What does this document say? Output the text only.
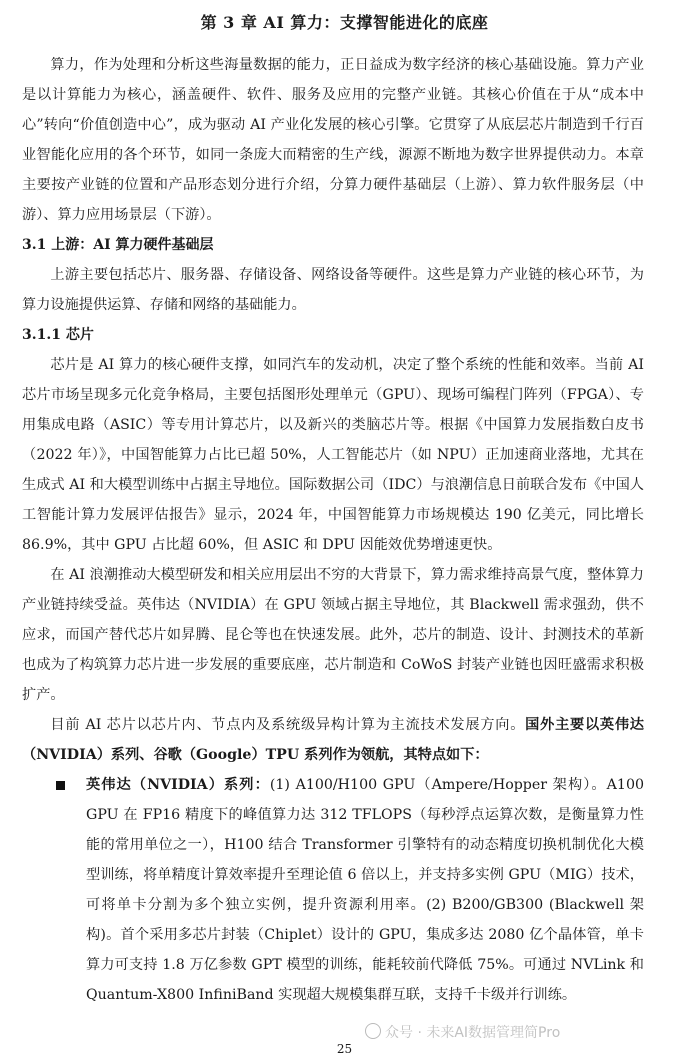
第 3 章 AI 算力：支撑智能进化的底座

算力，作为处理和分析这些海量数据的能力，正日益成为数字经济的核心基础设施。算力产业是以计算能力为核心，涵盖硬件、软件、服务及应用的完整产业链。其核心价值在于从“成本中心”转向“价值创造中心”，成为驱动 AI 产业化发展的核心引擎。它贯穿了从底层芯片制造到千行百业智能化应用的各个环节，如同一条庞大而精密的生产线，源源不断地为数字世界提供动力。本章主要按产业链的位置和产品形态划分进行介绍，分算力硬件基础层（上游）、算力软件服务层（中游）、算力应用场景层（下游）。

3.1 上游：AI 算力硬件基础层

上游主要包括芯片、服务器、存储设备、网络设备等硬件。这些是算力产业链的核心环节，为算力设施提供运算、存储和网络的基础能力。

3.1.1 芯片

芯片是 AI 算力的核心硬件支撑，如同汽车的发动机，决定了整个系统的性能和效率。当前 AI 芯片市场呈现多元化竞争格局，主要包括图形处理单元（GPU）、现场可编程门阵列（FPGA）、专用集成电路（ASIC）等专用计算芯片，以及新兴的类脑芯片等。根据《中国算力发展指数白皮书（2022 年）》，中国智能算力占比已超 50%，人工智能芯片（如 NPU）正加速商业落地，尤其在生成式 AI 和大模型训练中占据主导地位。国际数据公司（IDC）与浪潮信息日前联合发布《中国人工智能计算力发展评估报告》显示，2024 年，中国智能算力市场规模达 190 亿美元，同比增长 86.9%，其中 GPU 占比超 60%，但 ASIC 和 DPU 因能效优势增速更快。

在 AI 浪潮推动大模型研发和相关应用层出不穷的大背景下，算力需求维持高景气度，整体算力产业链持续受益。英伟达（NVIDIA）在 GPU 领域占据主导地位，其 Blackwell 需求强劲，供不应求，而国产替代芯片如昇腾、昆仑等也在快速发展。此外，芯片的制造、设计、封测技术的革新也成为了构筑算力芯片进一步发展的重要底座，芯片制造和 CoWoS 封装产业链也因旺盛需求积极扩产。

目前 AI 芯片以芯片内、节点内及系统级异构计算为主流技术发展方向。国外主要以英伟达（NVIDIA）系列、谷歌（Google）TPU 系列作为领航，其特点如下：

英伟达（NVIDIA）系列：(1) A100/H100 GPU（Ampere/Hopper 架构）。A100 GPU 在 FP16 精度下的峰值算力达 312 TFLOPS（每秒浮点运算次数，是衡量算力性能的常用单位之一），H100 结合 Transformer 引擎特有的动态精度切换机制优化大模型训练，将单精度计算效率提升至理论值 6 倍以上，并支持多实例 GPU（MIG）技术，可将单卡分割为多个独立实例，提升资源利用率。(2) B200/GB300 (Blackwell 架构)。首个采用多芯片封装（Chiplet）设计的 GPU，集成多达 2080 亿个晶体管，单卡算力可支持 1.8 万亿参数 GPT 模型的训练，能耗较前代降低 75%。可通过 NVLink 和 Quantum-X800 InfiniBand 实现超大规模集群互联，支持千卡级并行训练。

众号 · 未来AI数据管理简Pro
25
